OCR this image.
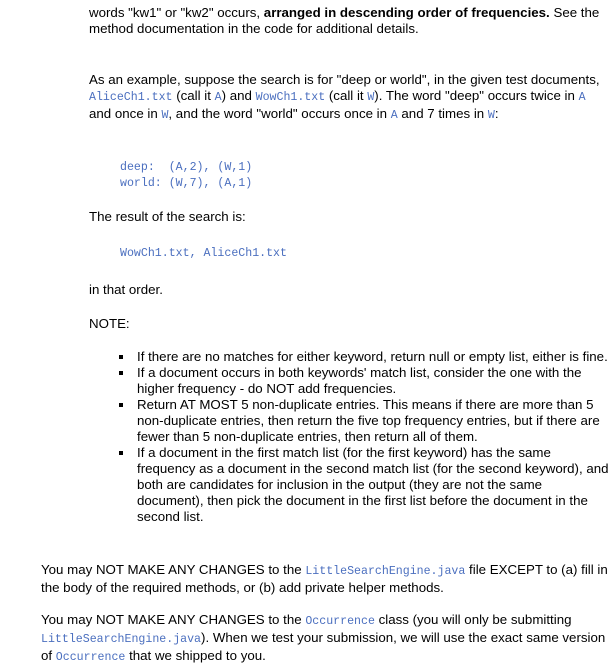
words "kw1" or "kw2" occurs, arranged in descending order of frequencies. See the method documentation in the code for additional details.

As an example, suppose the search is for "deep or world", in the given test documents, AliceCh1.txt (call it A) and WowCh1.txt (call it W). The word "deep" occurs twice in A and once in W, and the word "world" occurs once in A and 7 times in W:

deep:  (A,2), (W,1)
world: (W,7), (A,1)

The result of the search is:

WowCh1.txt, AliceCh1.txt

in that order.

NOTE:

If there are no matches for either keyword, return null or empty list, either is fine.
If a document occurs in both keywords' match list, consider the one with the higher frequency - do NOT add frequencies.
Return AT MOST 5 non-duplicate entries. This means if there are more than 5 non-duplicate entries, then return the five top frequency entries, but if there are fewer than 5 non-duplicate entries, then return all of them.
If a document in the first match list (for the first keyword) has the same frequency as a document in the second match list (for the second keyword), and both are candidates for inclusion in the output (they are not the same document), then pick the document in the first list before the document in the second list.

You may NOT MAKE ANY CHANGES to the LittleSearchEngine.java file EXCEPT to (a) fill in the body of the required methods, or (b) add private helper methods.

You may NOT MAKE ANY CHANGES to the Occurrence class (you will only be submitting LittleSearchEngine.java). When we test your submission, we will use the exact same version of Occurrence that we shipped to you.
